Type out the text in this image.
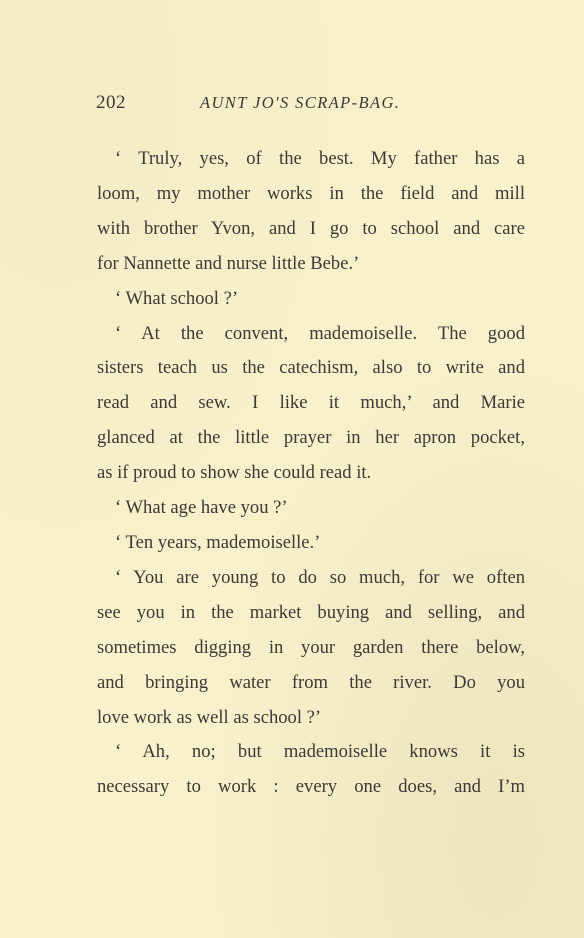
202	AUNT JO'S SCRAP-BAG.
‘ Truly, yes, of the best. My father has a
loom, my mother works in the field and mill
with brother Yvon, and I go to school and care
for Nannette and nurse little Bebe.’
‘ What school ?’
‘ At the convent, mademoiselle. The good
sisters teach us the catechism, also to write and
read and sew. I like it much,’ and Marie
glanced at the little prayer in her apron pocket,
as if proud to show she could read it.
‘ What age have you ?’
‘ Ten years, mademoiselle.’
‘ You are young to do so much, for we often
see you in the market buying and selling, and
sometimes digging in your garden there below,
and bringing water from the river. Do you
love work as well as school ?’
‘ Ah, no; but mademoiselle knows it is
necessary to work : every one does, and I’m
